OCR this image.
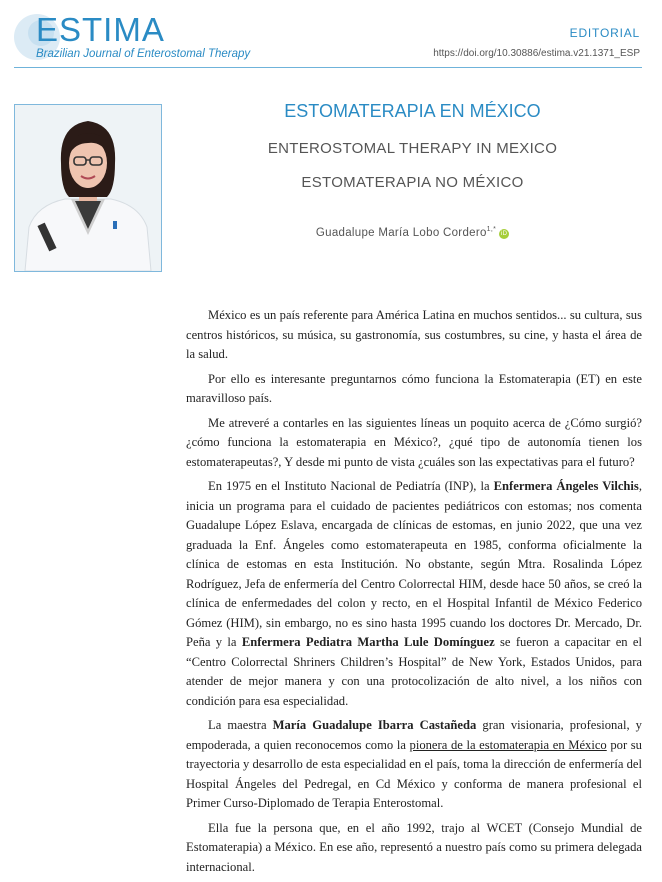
ESTIMA
Brazilian Journal of Enterostomal Therapy
EDITORIAL
https://doi.org/10.30886/estima.v21.1371_ESP
ESTOMATERAPIA EN MÉXICO
ENTEROSTOMAL THERAPY IN MEXICO
ESTOMATERAPIA NO MÉXICO
Guadalupe María Lobo Cordero$^{1,*}$iD

México es un país referente para América Latina en muchos sentidos... su cultura, sus centros históricos, su música, su gastronomía, sus costumbres, su cine, y hasta el área de la salud.

Por ello es interesante preguntarnos cómo funciona la Estomaterapia (ET) en este maravilloso país.

Me atreveré a contarles en las siguientes líneas un poquito acerca de ¿Cómo surgió? ¿cómo funciona la estomaterapia en México?, ¿qué tipo de autonomía tienen los estomaterapeutas?, Y desde mi punto de vista ¿cuáles son las expectativas para el futuro?

En 1975 en el Instituto Nacional de Pediatría (INP), la Enfermera Ángeles Vilchis, inicia un programa para el cuidado de pacientes pediátricos con estomas; nos comenta Guadalupe López Eslava, encargada de clínicas de estomas, en junio 2022, que una vez graduada la Enf. Ángeles como estomaterapeuta en 1985, conforma oficialmente la clínica de estomas en esta Institución. No obstante, según Mtra. Rosalinda López Rodríguez, Jefa de enfermería del Centro Colorrectal HIM, desde hace 50 años, se creó la clínica de enfermedades del colon y recto, en el Hospital Infantil de México Federico Gómez (HIM), sin embargo, no es sino hasta 1995 cuando los doctores Dr. Mercado, Dr. Peña y la Enfermera Pediatra Martha Lule Domínguez se fueron a capacitar en el “Centro Colorrectal Shriners Children’s Hospital” de New York, Estados Unidos, para atender de mejor manera y con una protocolización de alto nivel, a los niños con condición para esa especialidad.

La maestra María Guadalupe Ibarra Castañeda gran visionaria, profesional, y empoderada, a quien reconocemos como la pionera de la estomaterapia en México por su trayectoria y desarrollo de esta especialidad en el país, toma la dirección de enfermería del Hospital Ángeles del Pedregal, en Cd México y conforma de manera profesional el Primer Curso-Diplomado de Terapia Enterostomal.

Ella fue la persona que, en el año 1992, trajo al WCET (Consejo Mundial de Estomaterapia) a México. En ese año, representó a nuestro país como su primera delegada internacional.
